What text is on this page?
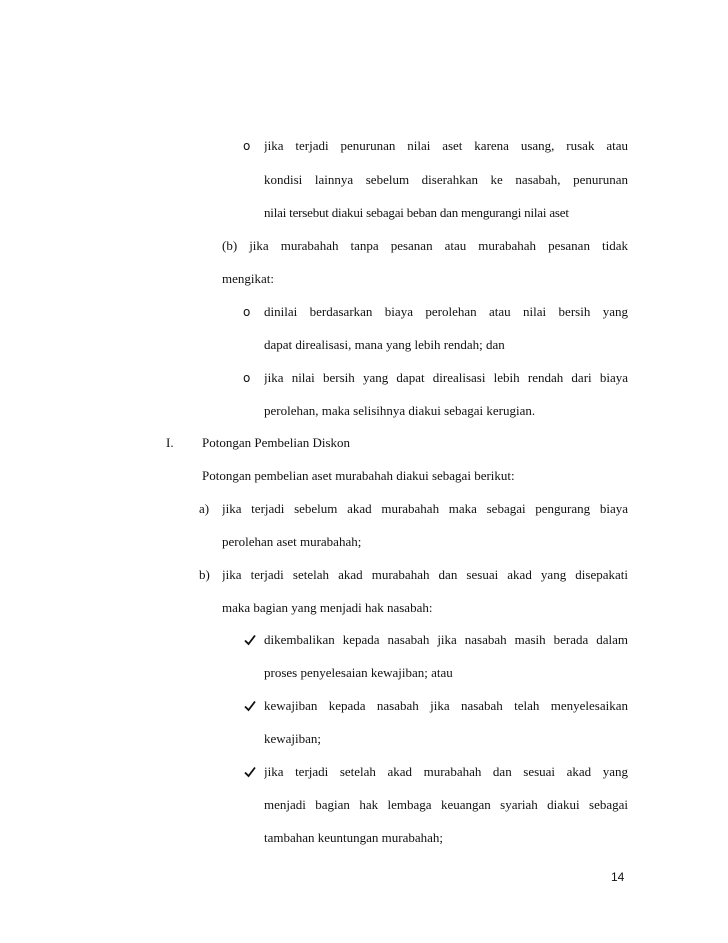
o jika terjadi penurunan nilai aset karena usang, rusak atau
kondisi lainnya sebelum diserahkan ke nasabah, penurunan
nilai tersebut diakui sebagai beban dan mengurangi nilai aset
(b) jika murabahah tanpa pesanan atau murabahah pesanan tidak
mengikat:
o dinilai berdasarkan biaya perolehan atau nilai bersih yang
dapat direalisasi, mana yang lebih rendah; dan
o jika nilai bersih yang dapat direalisasi lebih rendah dari biaya
perolehan, maka selisihnya diakui sebagai kerugian.
I. Potongan Pembelian Diskon
Potongan pembelian aset murabahah diakui sebagai berikut:
a) jika terjadi sebelum akad murabahah maka sebagai pengurang biaya
perolehan aset murabahah;
b) jika terjadi setelah akad murabahah dan sesuai akad yang disepakati
maka bagian yang menjadi hak nasabah:
dikembalikan kepada nasabah jika nasabah masih berada dalam
proses penyelesaian kewajiban; atau
kewajiban kepada nasabah jika nasabah telah menyelesaikan
kewajiban;
jika terjadi setelah akad murabahah dan sesuai akad yang
menjadi bagian hak lembaga keuangan syariah diakui sebagai
tambahan keuntungan murabahah;
14
